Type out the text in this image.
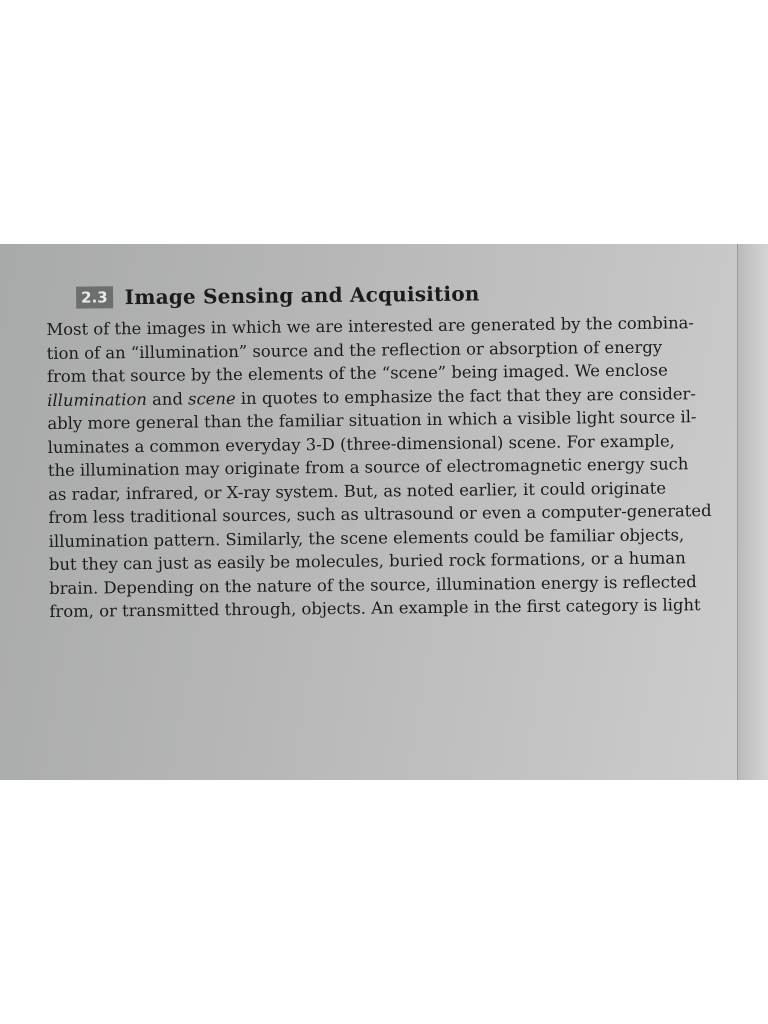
2.3 Image Sensing and Acquisition
Most of the images in which we are interested are generated by the combina-
tion of an “illumination” source and the reflection or absorption of energy
from that source by the elements of the “scene” being imaged. We enclose
illumination and scene in quotes to emphasize the fact that they are consider-
ably more general than the familiar situation in which a visible light source il-
luminates a common everyday 3-D (three-dimensional) scene. For example,
the illumination may originate from a source of electromagnetic energy such
as radar, infrared, or X-ray system. But, as noted earlier, it could originate
from less traditional sources, such as ultrasound or even a computer-generated
illumination pattern. Similarly, the scene elements could be familiar objects,
but they can just as easily be molecules, buried rock formations, or a human
brain. Depending on the nature of the source, illumination energy is reflected
from, or transmitted through, objects. An example in the first category is light
